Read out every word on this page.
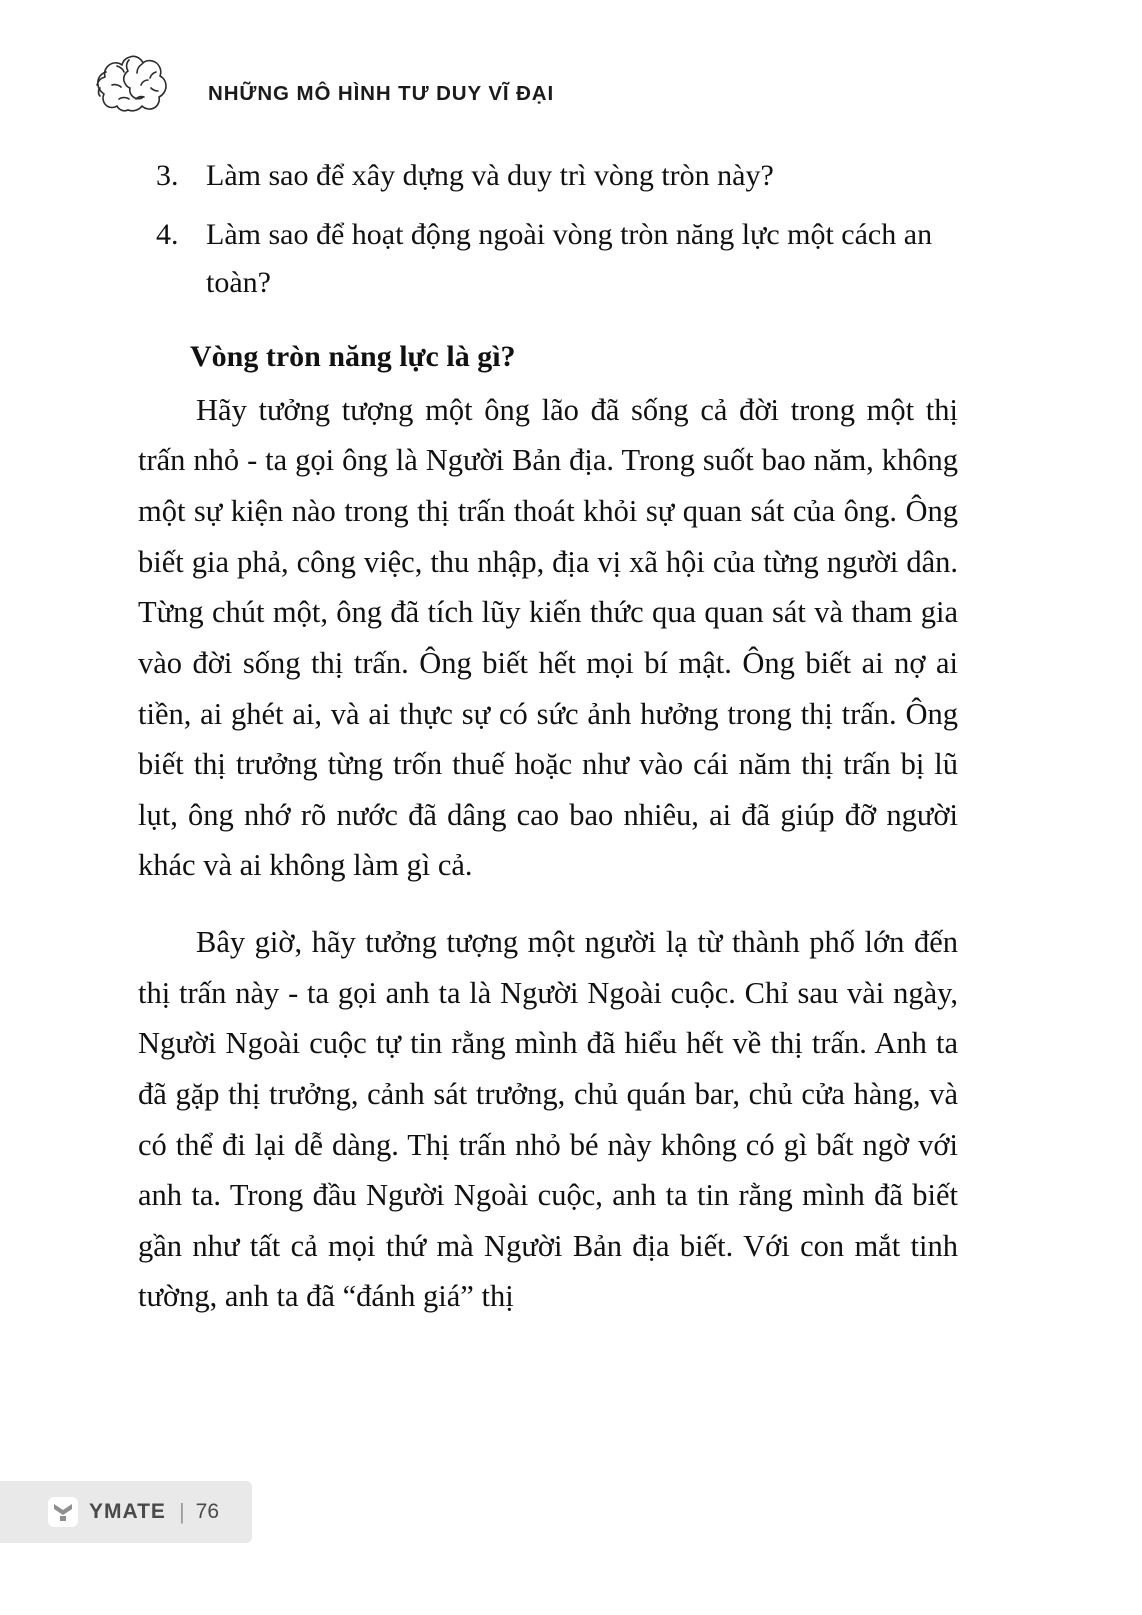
NHỮNG MÔ HÌNH TƯ DUY VĨ ĐẠI
3. Làm sao để xây dựng và duy trì vòng tròn này?
4. Làm sao để hoạt động ngoài vòng tròn năng lực một cách an toàn?
Vòng tròn năng lực là gì?

Hãy tưởng tượng một ông lão đã sống cả đời trong một thị trấn nhỏ - ta gọi ông là Người Bản địa. Trong suốt bao năm, không một sự kiện nào trong thị trấn thoát khỏi sự quan sát của ông. Ông biết gia phả, công việc, thu nhập, địa vị xã hội của từng người dân. Từng chút một, ông đã tích lũy kiến thức qua quan sát và tham gia vào đời sống thị trấn. Ông biết hết mọi bí mật. Ông biết ai nợ ai tiền, ai ghét ai, và ai thực sự có sức ảnh hưởng trong thị trấn. Ông biết thị trưởng từng trốn thuế hoặc như vào cái năm thị trấn bị lũ lụt, ông nhớ rõ nước đã dâng cao bao nhiêu, ai đã giúp đỡ người khác và ai không làm gì cả.

Bây giờ, hãy tưởng tượng một người lạ từ thành phố lớn đến thị trấn này - ta gọi anh ta là Người Ngoài cuộc. Chỉ sau vài ngày, Người Ngoài cuộc tự tin rằng mình đã hiểu hết về thị trấn. Anh ta đã gặp thị trưởng, cảnh sát trưởng, chủ quán bar, chủ cửa hàng, và có thể đi lại dễ dàng. Thị trấn nhỏ bé này không có gì bất ngờ với anh ta. Trong đầu Người Ngoài cuộc, anh ta tin rằng mình đã biết gần như tất cả mọi thứ mà Người Bản địa biết. Với con mắt tinh tường, anh ta đã “đánh giá” thị

YMATE | 76
